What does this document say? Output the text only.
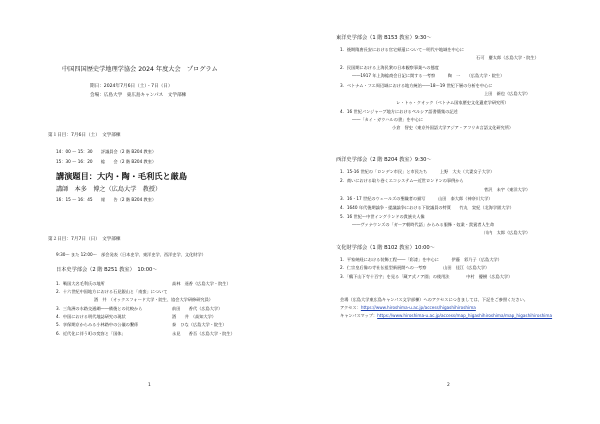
中国四国歴史学地理学協会 2024 年度大会　プログラム
期日：2024年7月6日（土）・7日（日）
会場：広島大学　東広島キャンパス　文学部棟
第１日目：7月6日（土）　文学部棟
14：00 ～ 15：30　　評議員会（2 階 B204 教室）
15：30 ～ 16：20　　総　　会（2 階 B204 教室）
講演題目：大内・陶・毛利氏と厳島
講師　本多　博之（広島大学　教授）
16：15 ～ 16：45　　報　　告（2 階 B204 教室）
第２日目：7月7日（日）　文学部棟
9:30～ また 12:00～　部会発表（日本史学、東洋史学、西洋史学、文化財学）
日本史学部会（2 階 B251 教室）　10:00～
1．戦国大名毛利氏の地所	高林　遥香（広島大学・院生）
2．十六世紀中国地方における石見銀山と「南蛮」について
酒　井　（オックスフォード大学・院生、協会大学研修研究員）
3．三角洲の水路交通網――備後との比較から	前田　　香代（広島大学）
4．中国における明代地誌研究の現状	酒　　井　（高知大学）
5．享保期京からみる小林路中の公儀の繋係	泰　ひな（広島大学・院生）
6．近代化に伴う町の変容と「国体」	永見　　香吾（広島大学・院生）
1
東洋史学部会（1 階 B153 教室）9:30～
1．後期隋唐長安における官宅帰還について－明代や地域を中心に
石可　慶太郎（広島大学・院生）
2．民国期における上海民衆の日本観察事業への態度
――1917 年上海総商会日記に関する一考察　　　陶　一　　（広島大学・院生）
3．ベトナム・フエ周辺域における地方統治――18～19 世紀下層の分析を中心に
上田　新也（広島大学）
レ・トゥ・クオック（ベトナム国家歴史文化遺産学研究所）
4．16 世紀パンジャーブ地方におけるペルシア語書簡集の記述
――「カイ・ガウハルの書」を中心に
小倉　智史（東京外国語大学アジア・アフリカ言語文化研究所）
西洋史学部会（2 階 B204 教室）9:30～
1．15-16 世紀の「ロンデン市民」と市民たち　　　上野　大夫（大妻女子大学）
2．商いにおける取り巻くエコシステム―近世ロンドンの事例から
菅沢　未宇（東洋大学）
3．16・17 世紀のウェールズの聖職者の描写　　　山田　泰大郎（神奈川大学）
4．1640 年代後期論争・提議論争における下院議員の特質　　竹丸　実紀（北海学園大学）
5．16 世紀～中世イングランドの貴族夫人像
――ヴァナウンズの「ガーア朝時代語」からみる服飾・奴業・貴賓者人生命
川内　太郎（広島大学）
文化財学部会（1 階 B102 教室）10:00～
1．平家納経における装飾工程――「彩漆」を中心に　　　伊藤　彩乃子（広島大学）
2．仁宗皇后像の寺社伝祖型新展開への一考察　　　　山田　佳江（広島大学）
3．「鶴下山下寺十百字」を見る「蔵ア式ノア園」の使用法　　　　中村　優樹（広島大学）
会場（広島大学東広島キャンパス文学部棟）へのアクセスにつきましては、下記をご参照ください。
アクセス：https://www.hiroshima-u.ac.jp/access/higashihiroshima
キャンパスマップ：https://www.hiroshima-u.ac.jp/access/map_higashihiroshima/map_higashihiroshima
2
